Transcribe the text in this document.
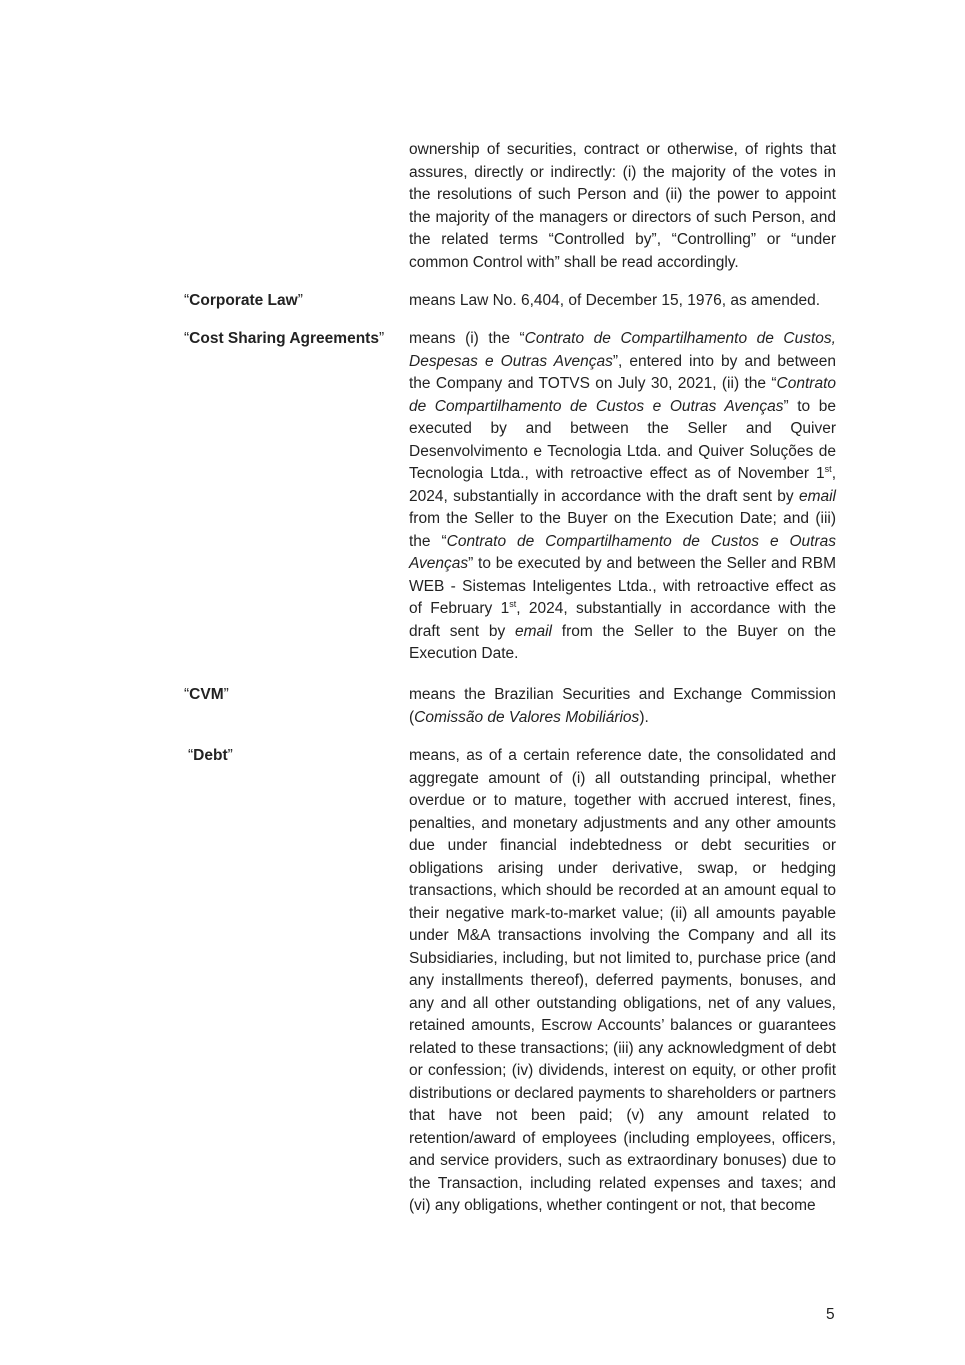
ownership of securities, contract or otherwise, of rights that assures, directly or indirectly: (i) the majority of the votes in the resolutions of such Person and (ii) the power to appoint the majority of the managers or directors of such Person, and the related terms “Controlled by”, “Controlling” or “under common Control with” shall be read accordingly.

“Corporate Law”	means Law No. 6,404, of December 15, 1976, as amended.

“Cost Sharing Agreements” means (i) the “Contrato de Compartilhamento de Custos, Despesas e Outras Avenças”, entered into by and between the Company and TOTVS on July 30, 2021, (ii) the “Contrato de Compartilhamento de Custos e Outras Avenças” to be executed by and between the Seller and Quiver Desenvolvimento e Tecnologia Ltda. and Quiver Soluções de Tecnologia Ltda., with retroactive effect as of November 1st, 2024, substantially in accordance with the draft sent by email from the Seller to the Buyer on the Execution Date; and (iii) the “Contrato de Compartilhamento de Custos e Outras Avenças” to be executed by and between the Seller and RBM WEB - Sistemas Inteligentes Ltda., with retroactive effect as of February 1st, 2024, substantially in accordance with the draft sent by email from the Seller to the Buyer on the Execution Date.

“CVM”	means the Brazilian Securities and Exchange Commission (Comissão de Valores Mobiliários).

“Debt”	means, as of a certain reference date, the consolidated and aggregate amount of (i) all outstanding principal, whether overdue or to mature, together with accrued interest, fines, penalties, and monetary adjustments and any other amounts due under financial indebtedness or debt securities or obligations arising under derivative, swap, or hedging transactions, which should be recorded at an amount equal to their negative mark-to-market value; (ii) all amounts payable under M&A transactions involving the Company and all its Subsidiaries, including, but not limited to, purchase price (and any installments thereof), deferred payments, bonuses, and any and all other outstanding obligations, net of any values, retained amounts, Escrow Accounts’ balances or guarantees related to these transactions; (iii) any acknowledgment of debt or confession; (iv) dividends, interest on equity, or other profit distributions or declared payments to shareholders or partners that have not been paid; (v) any amount related to retention/award of employees (including employees, officers, and service providers, such as extraordinary bonuses) due to the Transaction, including related expenses and taxes; and (vi) any obligations, whether contingent or not, that become

5
